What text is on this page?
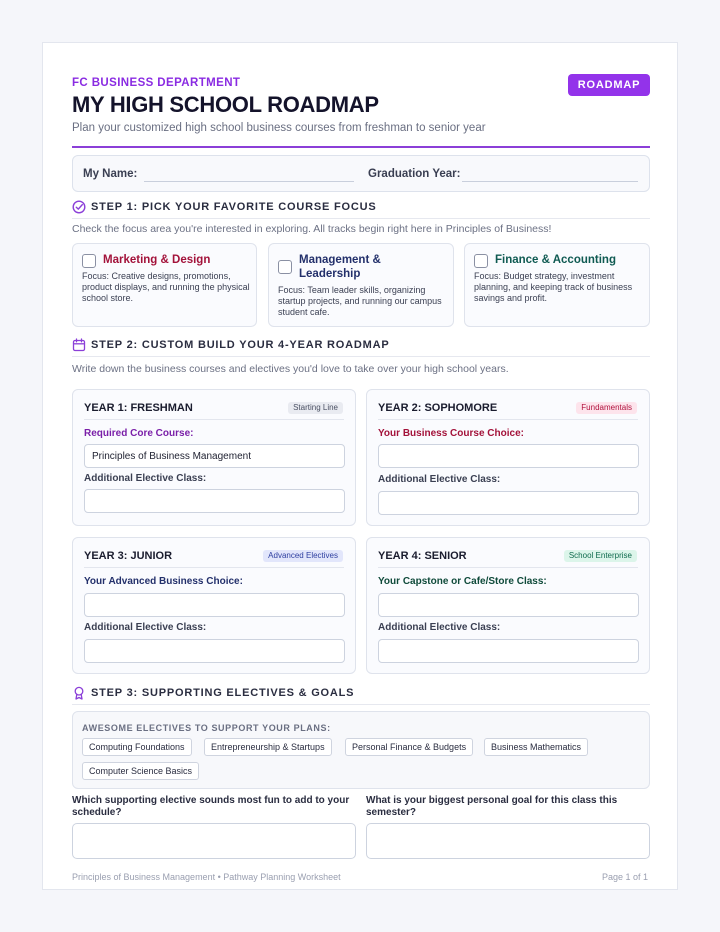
FC BUSINESS DEPARTMENT
MY HIGH SCHOOL ROADMAP
Plan your customized high school business courses from freshman to senior year
ROADMAP
My Name:	Graduation Year:
STEP 1: PICK YOUR FAVORITE COURSE FOCUS
Check the focus area you're interested in exploring. All tracks begin right here in Principles of Business!
Marketing & Design
Focus: Creative designs, promotions, product displays, and running the physical school store.
Management & Leadership
Focus: Team leader skills, organizing startup projects, and running our campus student cafe.
Finance & Accounting
Focus: Budget strategy, investment planning, and keeping track of business savings and profit.
STEP 2: CUSTOM BUILD YOUR 4-YEAR ROADMAP
Write down the business courses and electives you'd love to take over your high school years.
YEAR 1: FRESHMAN	Starting Line
Required Core Course:
Principles of Business Management
Additional Elective Class:
YEAR 2: SOPHOMORE	Fundamentals
Your Business Course Choice:
Additional Elective Class:
YEAR 3: JUNIOR	Advanced Electives
Your Advanced Business Choice:
Additional Elective Class:
YEAR 4: SENIOR	School Enterprise
Your Capstone or Cafe/Store Class:
Additional Elective Class:
STEP 3: SUPPORTING ELECTIVES & GOALS
AWESOME ELECTIVES TO SUPPORT YOUR PLANS:
Computing Foundations	Entrepreneurship & Startups	Personal Finance & Budgets	Business Mathematics
Computer Science Basics
Which supporting elective sounds most fun to add to your schedule?
What is your biggest personal goal for this class this semester?
Principles of Business Management • Pathway Planning Worksheet	Page 1 of 1
